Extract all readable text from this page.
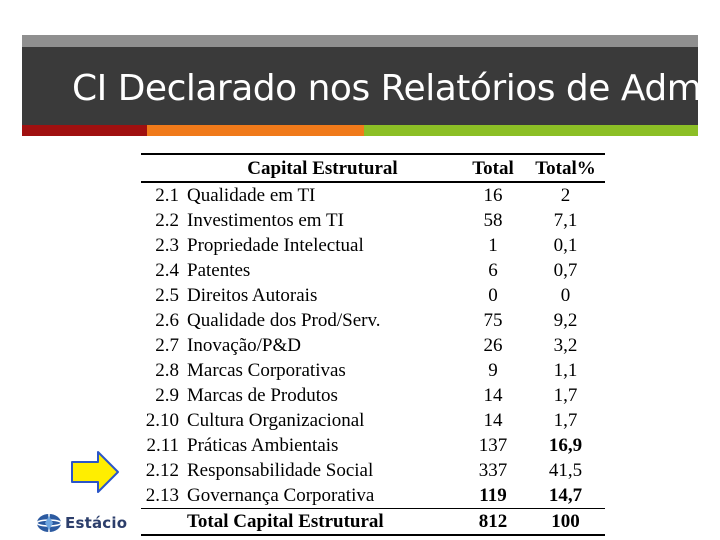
CI Declarado nos Relatórios de Adm.
	Capital Estrutural	Total	Total%
2.1	Qualidade em TI	16	2
2.2	Investimentos em TI	58	7,1
2.3	Propriedade Intelectual	1	0,1
2.4	Patentes	6	0,7
2.5	Direitos Autorais	0	0
2.6	Qualidade dos Prod/Serv.	75	9,2
2.7	Inovação/P&D	26	3,2
2.8	Marcas Corporativas	9	1,1
2.9	Marcas de Produtos	14	1,7
2.10	Cultura Organizacional	14	1,7
2.11	Práticas Ambientais	137	16,9
2.12	Responsabilidade Social	337	41,5
2.13	Governança Corporativa	119	14,7
	Total Capital Estrutural	812	100
Estácio
